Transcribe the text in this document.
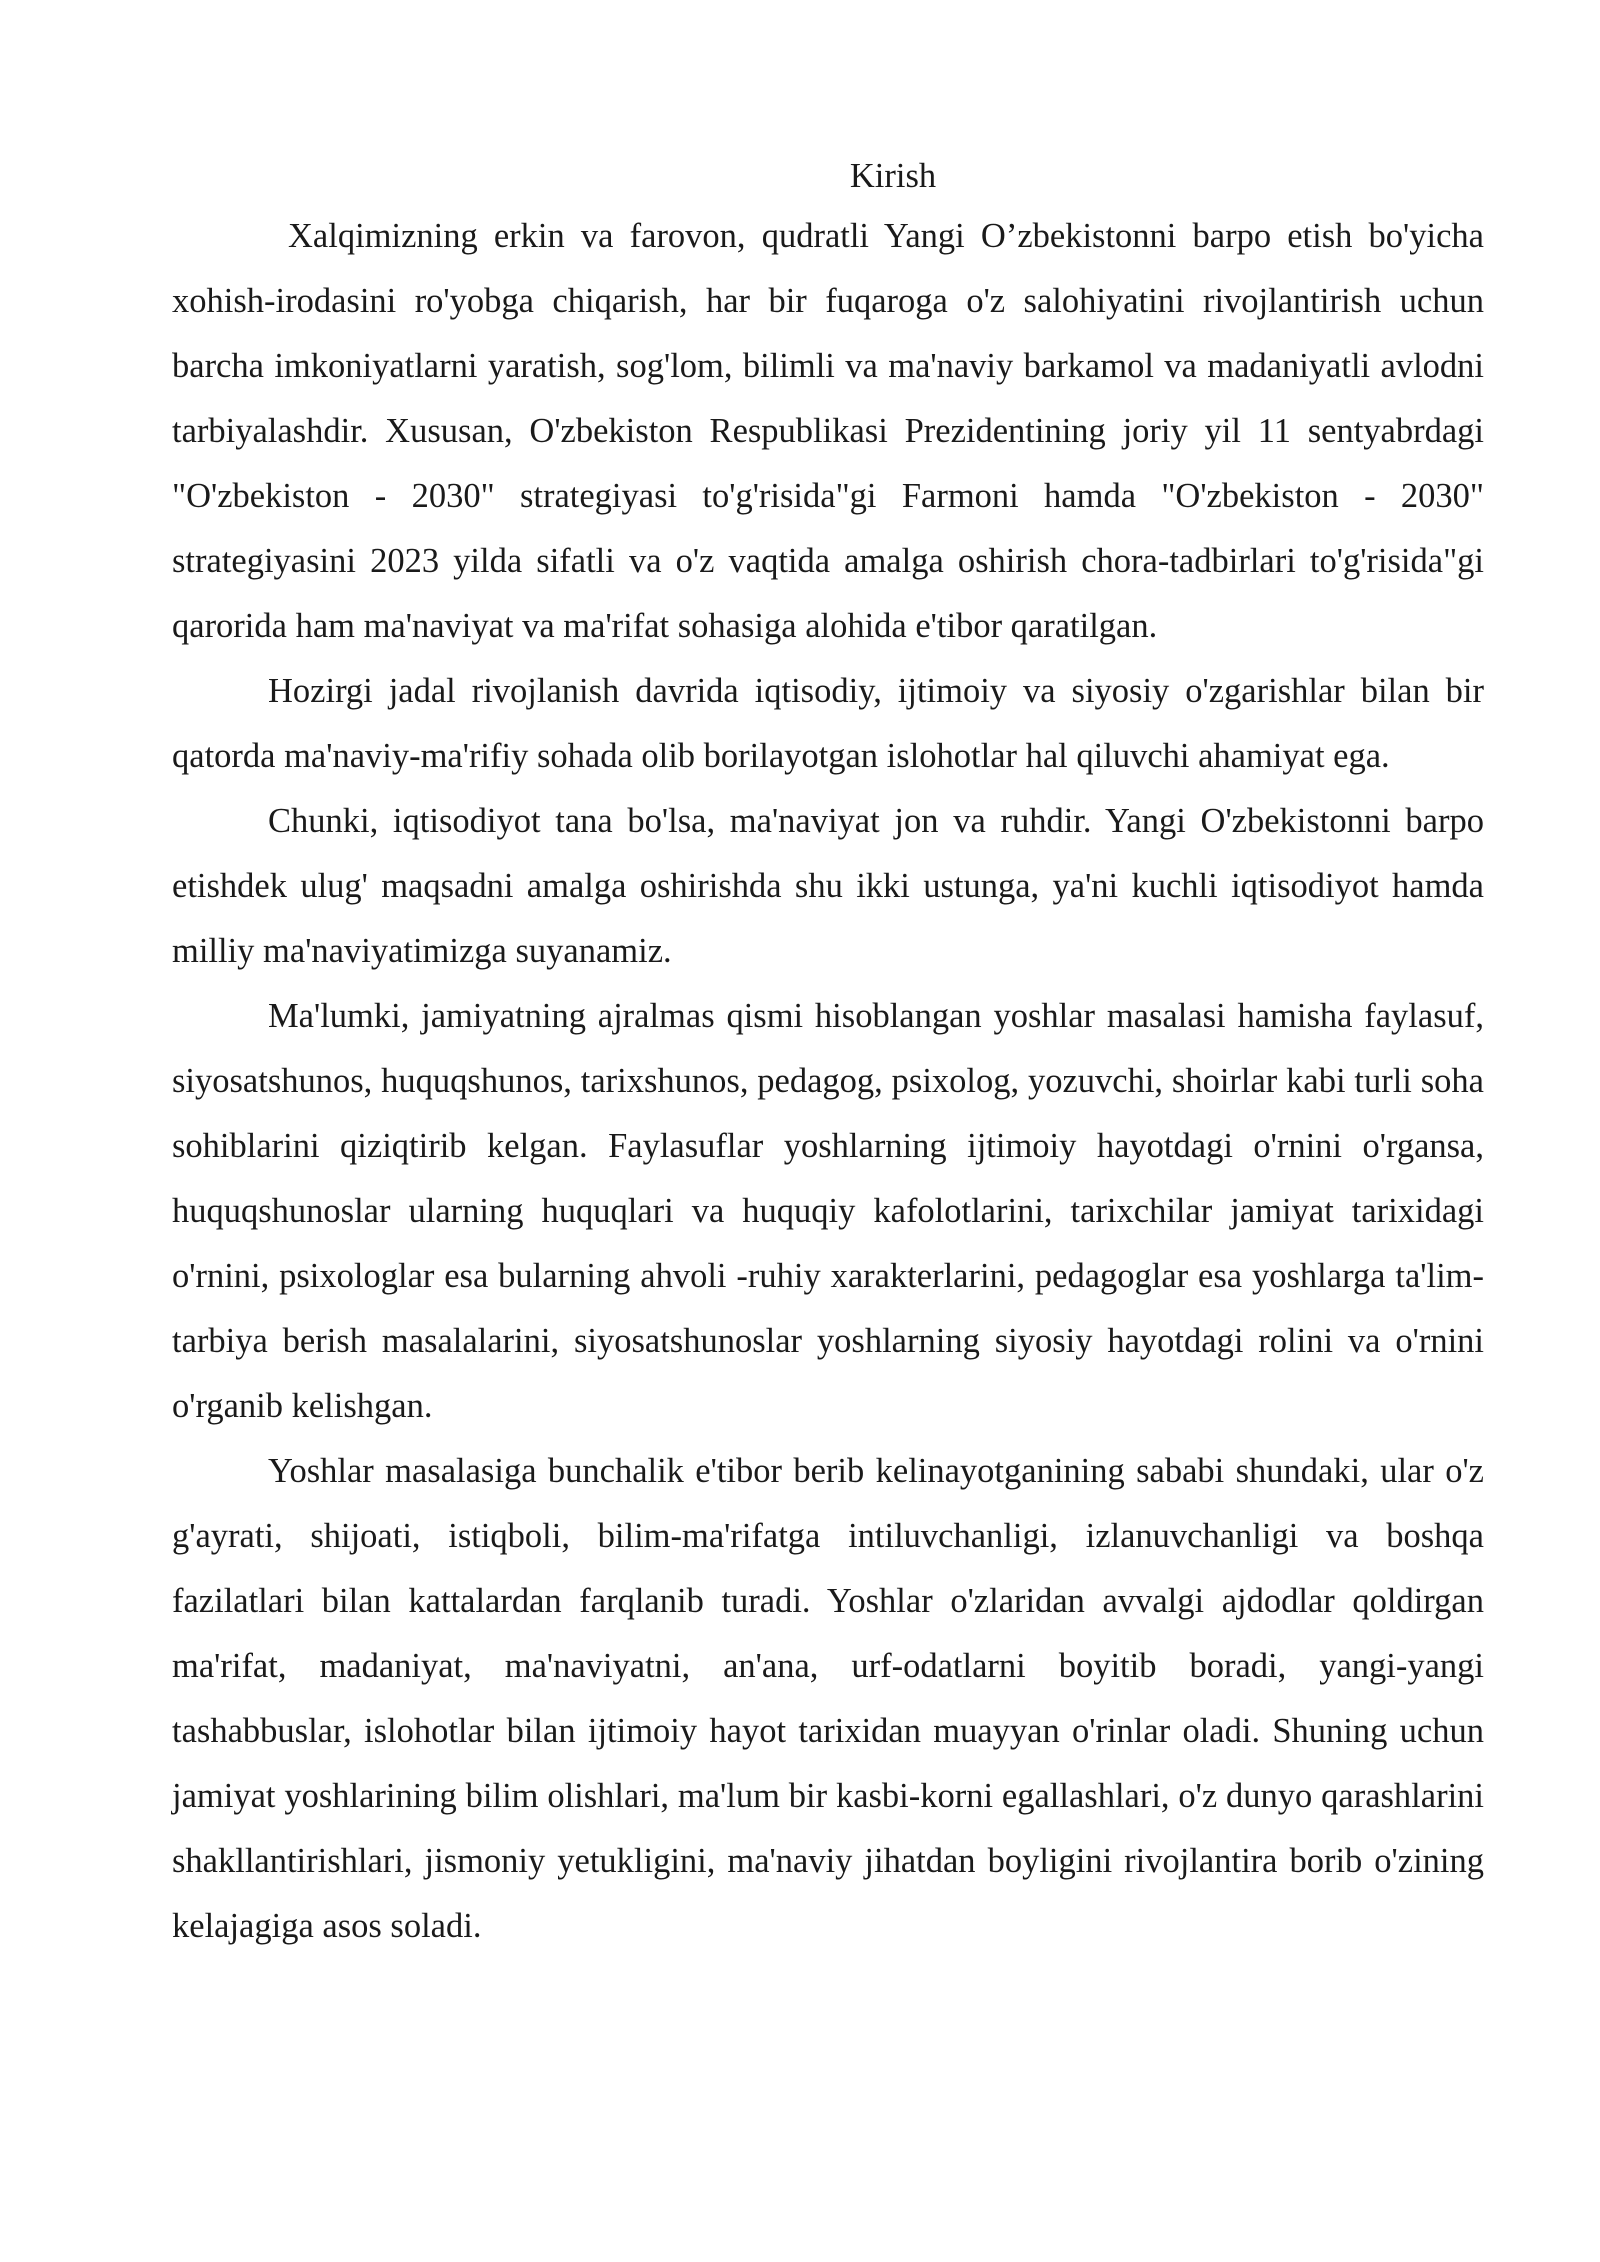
Kirish

Xalqimizning erkin va farovon, qudratli Yangi O’zbekistonni barpo etish bo'yicha xohish-irodasini ro'yobga chiqarish, har bir fuqaroga o'z salohiyatini rivojlantirish uchun barcha imkoniyatlarni yaratish, sog'lom, bilimli va ma'naviy barkamol va madaniyatli avlodni tarbiyalashdir. Xususan, O'zbekiston Respublikasi Prezidentining joriy yil 11 sentyabrdagi "O'zbekiston - 2030" strategiyasi to'g'risida"gi Farmoni hamda "O'zbekiston - 2030" strategiyasini 2023 yilda sifatli va o'z vaqtida amalga oshirish chora-tadbirlari to'g'risida"gi qarorida ham ma'naviyat va ma'rifat sohasiga alohida e'tibor qaratilgan.

Hozirgi jadal rivojlanish davrida iqtisodiy, ijtimoiy va siyosiy o'zgarishlar bilan bir qatorda ma'naviy-ma'rifiy sohada olib borilayotgan islohotlar hal qiluvchi ahamiyat ega.

Chunki, iqtisodiyot tana bo'lsa, ma'naviyat jon va ruhdir. Yangi O'zbekistonni barpo etishdek ulug' maqsadni amalga oshirishda shu ikki ustunga, ya'ni kuchli iqtisodiyot hamda milliy ma'naviyatimizga suyanamiz.

Ma'lumki, jamiyatning ajralmas qismi hisoblangan yoshlar masalasi hamisha faylasuf, siyosatshunos, huquqshunos, tarixshunos, pedagog, psixolog, yozuvchi, shoirlar kabi turli soha sohiblarini qiziqtirib kelgan. Faylasuflar yoshlarning ijtimoiy hayotdagi o'rnini o'rgansa, huquqshunoslar ularning huquqlari va huquqiy kafolotlarini, tarixchilar jamiyat tarixidagi o'rnini, psixologlar esa bularning ahvoli -ruhiy xarakterlarini, pedagoglar esa yoshlarga ta'lim-tarbiya berish masalalarini, siyosatshunoslar yoshlarning siyosiy hayotdagi rolini va o'rnini o'rganib kelishgan.

Yoshlar masalasiga bunchalik e'tibor berib kelinayotganining sababi shundaki, ular o'z g'ayrati, shijoati, istiqboli, bilim-ma'rifatga intiluvchanligi, izlanuvchanligi va boshqa fazilatlari bilan kattalardan farqlanib turadi. Yoshlar o'zlaridan avvalgi ajdodlar qoldirgan ma'rifat, madaniyat, ma'naviyatni, an'ana, urf-odatlarni boyitib boradi, yangi-yangi tashabbuslar, islohotlar bilan ijtimoiy hayot tarixidan muayyan o'rinlar oladi. Shuning uchun jamiyat yoshlarining bilim olishlari, ma'lum bir kasbi-korni egallashlari, o'z dunyo qarashlarini shakllantirishlari, jismoniy yetukligini, ma'naviy jihatdan boyligini rivojlantira borib o'zining kelajagiga asos soladi.
